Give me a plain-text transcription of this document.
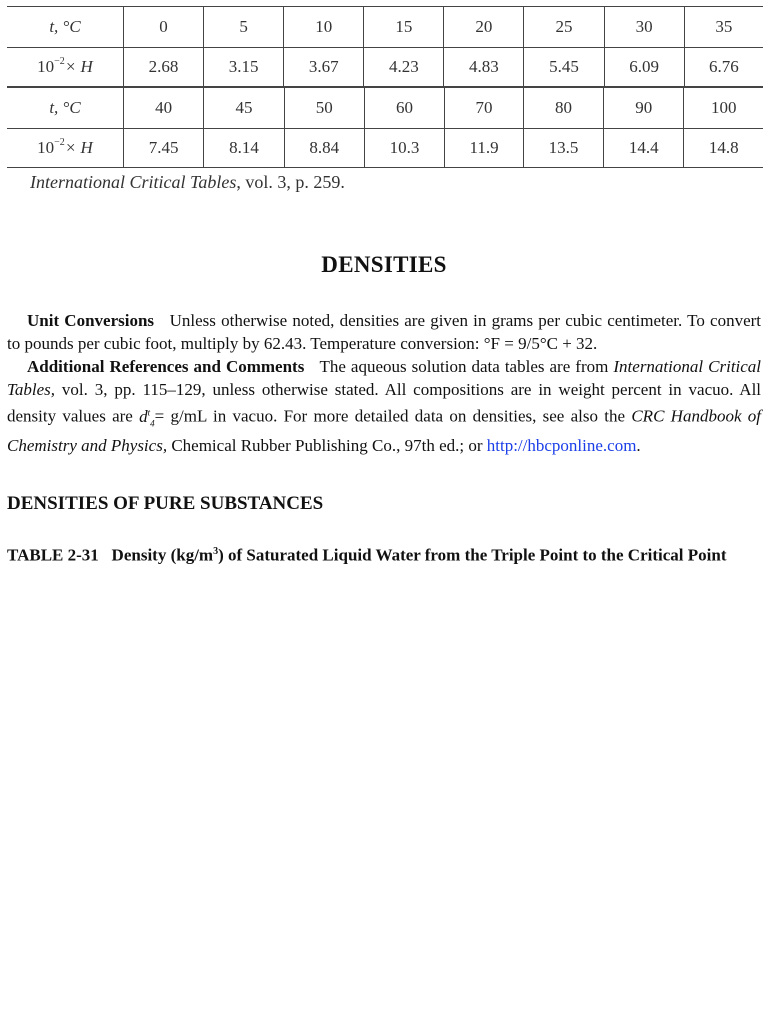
t, °C	0	5	10	15	20	25	30	35
$10^{-2}\times H$	2.68	3.15	3.67	4.23	4.83	5.45	6.09	6.76
t, °C	40	45	50	60	70	80	90	100
$10^{-2}\times H$	7.45	8.14	8.84	10.3	11.9	13.5	14.4	14.8
International Critical Tables, vol. 3, p. 259.
DENSITIES
Unit Conversions Unless otherwise noted, densities are given in grams per cubic centimeter. To convert to pounds per cubic foot, multiply by 62.43. Temperature conversion: °F = 9/5°C + 32.
Additional References and Comments The aqueous solution data tables are from International Critical Tables, vol. 3, pp. 115–129, unless otherwise stated. All compositions are in weight percent in vacuo. All density values are $d^t_4= g/mL$ in vacuo. For more detailed data on densities, see also the CRC Handbook of Chemistry and Physics, Chemical Rubber Publishing Co., 97th ed.; or http://hbcponline.com.
DENSITIES OF PURE SUBSTANCES
TABLE 2-31 Density $(kg/m^3)$ of Saturated Liquid Water from the Triple Point to the Critical Point
